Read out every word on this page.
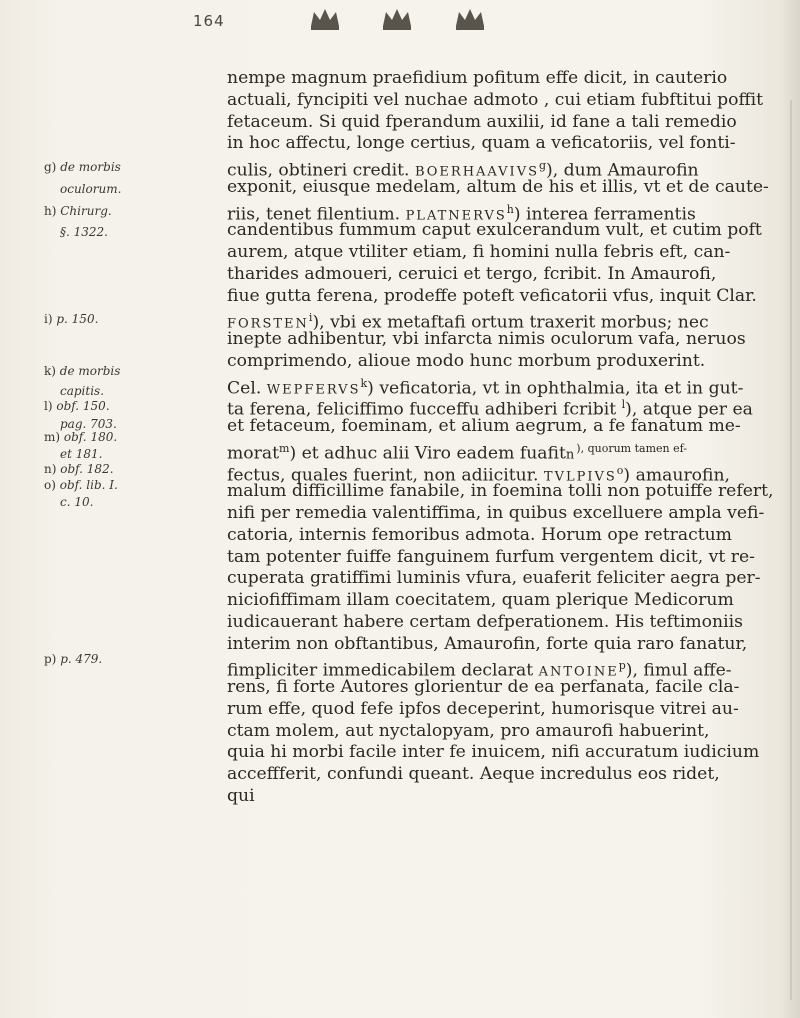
164
nempe magnum praefidium pofitum effe dicit, in cauterio
actuali, fyncipiti vel nuchae admoto , cui etiam fubftitui poffit
fetaceum. Si quid fperandum auxilii, id fane a tali remedio
in hoc affectu, longe certius, quam a veficatoriis, vel fonti-
culis, obtineri credit. BOERHAAVIVS$^g$), dum Amaurofin
exponit, eiusque medelam, altum de his et illis, vt et de caute-
riis, tenet filentium. PLATNERVS$^h$) interea ferramentis
candentibus fummum caput exulcerandum vult, et cutim poft
aurem, atque vtiliter etiam, fi homini nulla febris eft, can-
tharides admoueri, ceruici et tergo, fcribit. In Amaurofi,
fiue gutta ferena, prodeffe poteft veficatorii vfus, inquit Clar.
FORSTEN$^i$), vbi ex metaftafi ortum traxerit morbus; nec
inepte adhibentur, vbi infarcta nimis oculorum vafa, neruos
comprimendo, alioue modo hunc morbum produxerint.
Cel. WEPFERVS$^k$) veficatoria, vt in ophthalmia, ita et in gut-
ta ferena, feliciffimo fucceffu adhiberi fcribit $^l$), atque per ea
et fetaceum, foeminam, et alium aegrum, a fe fanatum me-
morat$^m$) et adhuc alii Viro eadem fuafitn$^{), quorum tamen ef-}$
fectus, quales fuerint, non adiicitur. TVLPIVS$^o$) amaurofin,
malum difficillime fanabile, in foemina tolli non potuiffe refert,
nifi per remedia valentiffima, in quibus excelluere ampla vefi-
catoria, internis femoribus admota. Horum ope retractum
tam potenter fuiffe fanguinem furfum vergentem dicit, vt re-
cuperata gratiffimi luminis vfura, euaferit feliciter aegra per-
niciofiffimam illam coecitatem, quam plerique Medicorum
iudicauerant habere certam defperationem. His teftimoniis
interim non obftantibus, Amaurofin, forte quia raro fanatur,
fimpliciter immedicabilem declarat ANTOINE$^p$), fimul affe-
rens, fi forte Autores glorientur de ea perfanata, facile cla-
rum effe, quod fefe ipfos deceperint, humorisque vitrei au-
ctam molem, aut nyctalopyam, pro amaurofi habuerint,
quia hi morbi facile inter fe inuicem, nifi accuratum iudicium
acceffferit, confundi queant. Aeque incredulus eos ridet,
qui
g) de morbis
oculorum.
h) Chirurg.
§. 1322.
i) p. 150.
k) de morbis
capitis.
l) obf. 150.
pag. 703.
m) obf. 180.
et 181.
n) obf. 182.
o) obf. lib. I.
c. 10.
p) p. 479.
